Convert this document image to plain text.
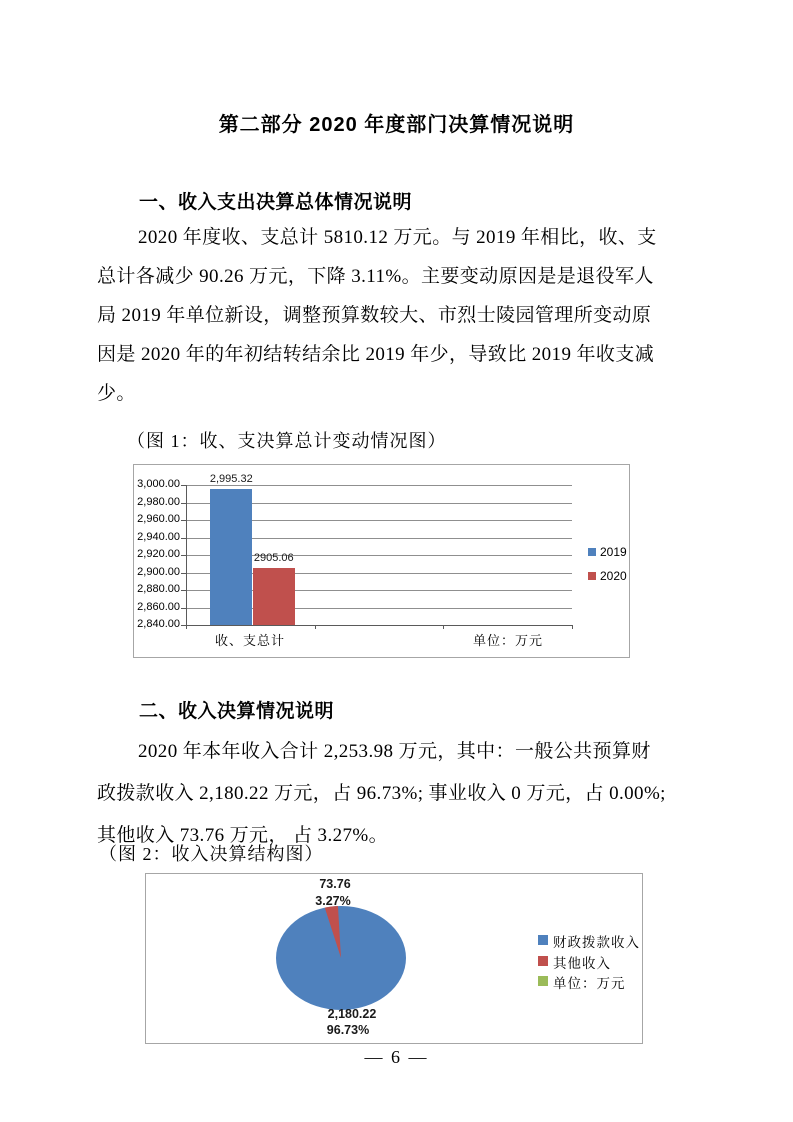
第二部分 2020 年度部门决算情况说明
一、收入支出决算总体情况说明
2020 年度收、支总计 5810.12 万元。与 2019 年相比，收、支
总计各减少 90.26 万元，下降 3.11%。主要变动原因是是退役军人
局 2019 年单位新设，调整预算数较大、市烈士陵园管理所变动原
因是 2020 年的年初结转结余比 2019 年少，导致比 2019 年收支减
少。
（图 1：收、支决算总计变动情况图）
3,000.00
2,980.00
2,960.00
2,940.00
2,920.00
2,900.00
2,880.00
2,860.00
2,840.00
2,995.32
2905.06
收、支总计	单位：万元
2019
2020
二、收入决算情况说明
2020 年本年收入合计 2,253.98 万元，其中：一般公共预算财
政拨款收入 2,180.22 万元，占 96.73%; 事业收入 0 万元，占 0.00%;
其他收入 73.76 万元， 占 3.27%。
（图 2：收入决算结构图）
73.76
3.27%
2,180.22
96.73%
财政拨款收入
其他收入
单位：万元
— 6 —
